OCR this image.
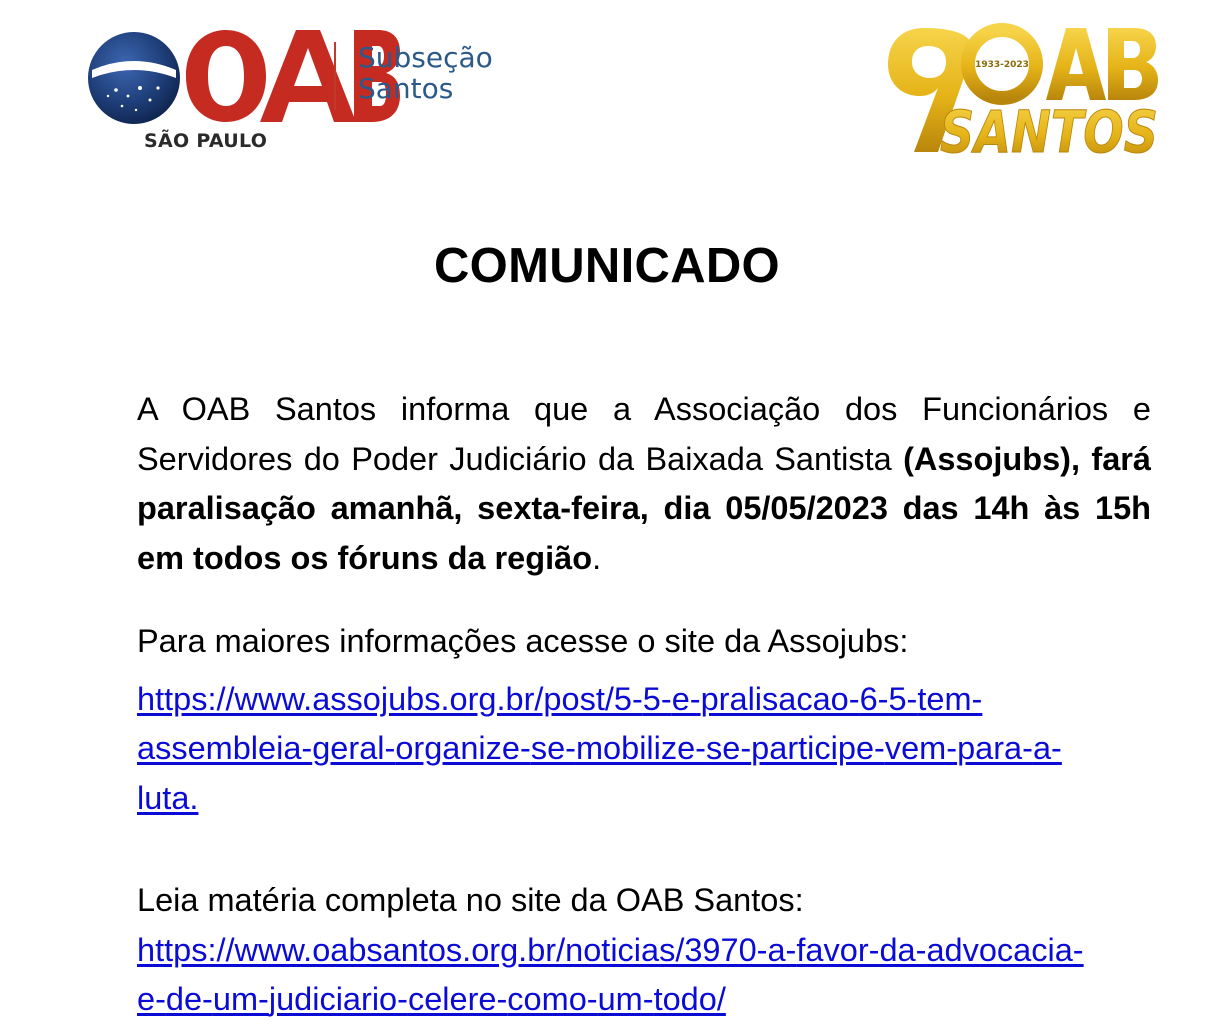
SÃO PAULO
Subseção
Santos
1933-2023
SANTOS
COMUNICADO
A OAB Santos informa que a Associação dos Funcionários e Servidores do Poder Judiciário da Baixada Santista (Assojubs), fará paralisação amanhã, sexta-feira, dia 05/05/2023 das 14h às 15h em todos os fóruns da região.
Para maiores informações acesse o site da Assojubs:
https://www.assojubs.org.br/post/5-5-e-pralisacao-6-5-tem-assembleia-geral-organize-se-mobilize-se-participe-vem-para-a-luta.
Leia matéria completa no site da OAB Santos:
https://www.oabsantos.org.br/noticias/3970-a-favor-da-advocacia-e-de-um-judiciario-celere-como-um-todo/
